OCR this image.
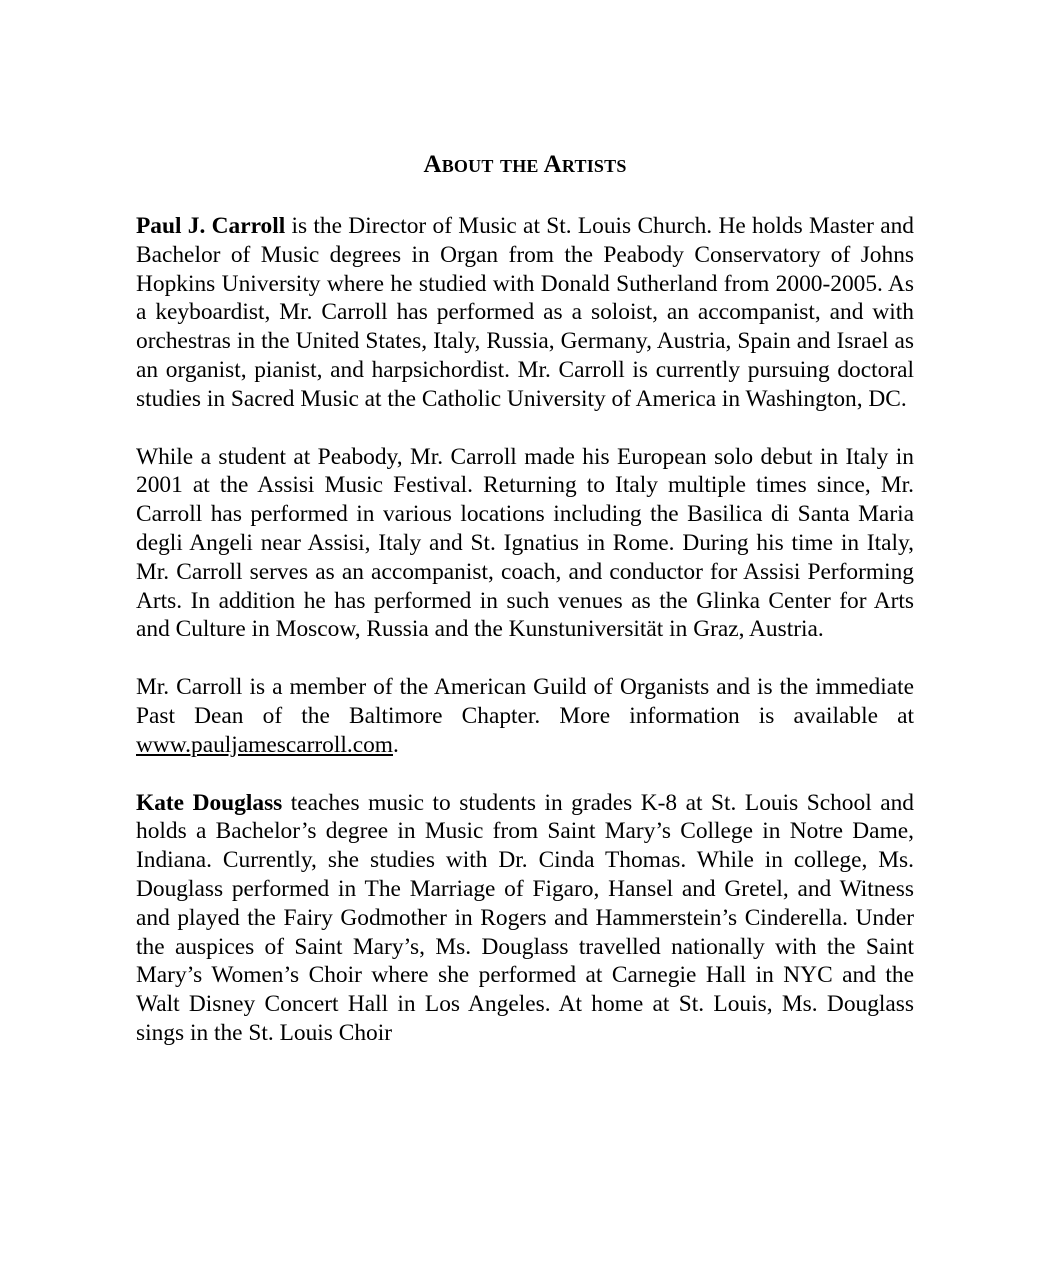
About the Artists

Paul J. Carroll is the Director of Music at St. Louis Church. He holds Master and Bachelor of Music degrees in Organ from the Peabody Conservatory of Johns Hopkins University where he studied with Donald Sutherland from 2000-2005. As a keyboardist, Mr. Carroll has performed as a soloist, an accompanist, and with orchestras in the United States, Italy, Russia, Germany, Austria, Spain and Israel as an organist, pianist, and harpsichordist. Mr. Carroll is currently pursuing doctoral studies in Sacred Music at the Catholic University of America in Washington, DC.

While a student at Peabody, Mr. Carroll made his European solo debut in Italy in 2001 at the Assisi Music Festival. Returning to Italy multiple times since, Mr. Carroll has performed in various locations including the Basilica di Santa Maria degli Angeli near Assisi, Italy and St. Ignatius in Rome. During his time in Italy, Mr. Carroll serves as an accompanist, coach, and conductor for Assisi Performing Arts. In addition he has performed in such venues as the Glinka Center for Arts and Culture in Moscow, Russia and the Kunstuniversität in Graz, Austria.

Mr. Carroll is a member of the American Guild of Organists and is the immediate Past Dean of the Baltimore Chapter. More information is available at www.pauljamescarroll.com.

Kate Douglass teaches music to students in grades K-8 at St. Louis School and holds a Bachelor’s degree in Music from Saint Mary’s College in Notre Dame, Indiana. Currently, she studies with Dr. Cinda Thomas. While in college, Ms. Douglass performed in The Marriage of Figaro, Hansel and Gretel, and Witness and played the Fairy Godmother in Rogers and Hammerstein’s Cinderella. Under the auspices of Saint Mary’s, Ms. Douglass travelled nationally with the Saint Mary’s Women’s Choir where she performed at Carnegie Hall in NYC and the Walt Disney Concert Hall in Los Angeles. At home at St. Louis, Ms. Douglass sings in the St. Louis Choir
